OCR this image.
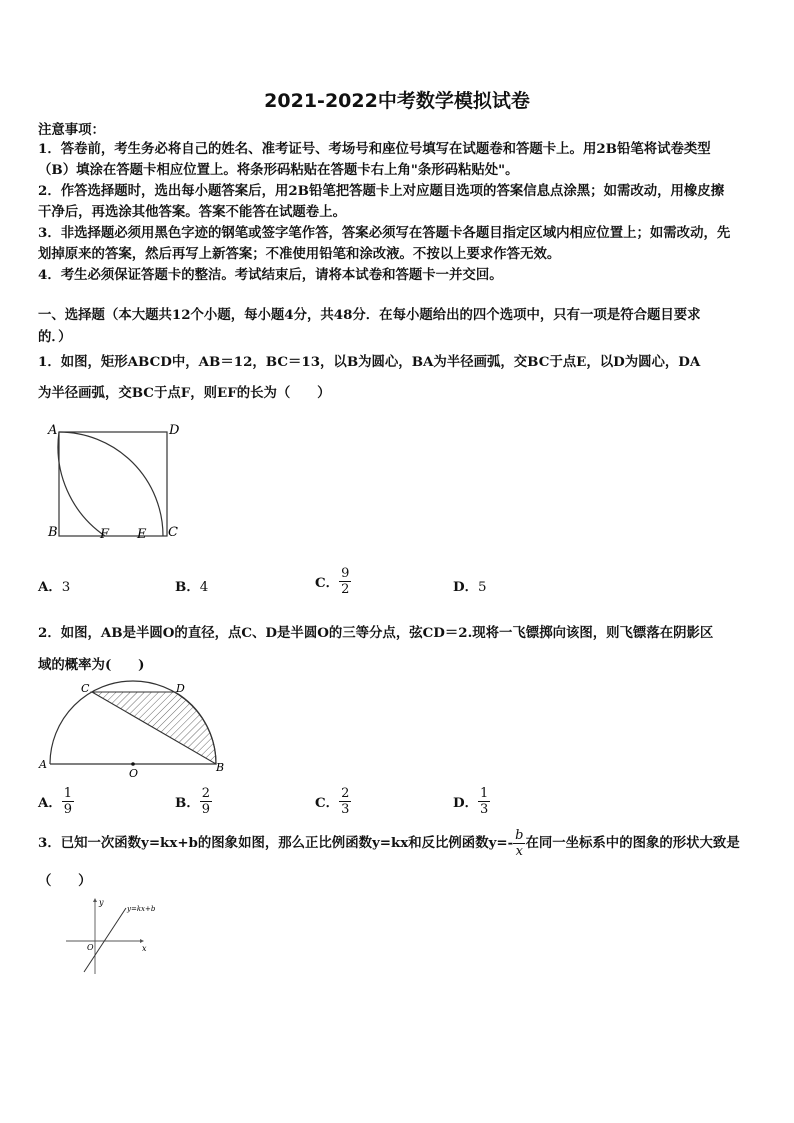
2021-2022中考数学模拟试卷
注意事项：
1．答卷前，考生务必将自己的姓名、准考证号、考场号和座位号填写在试题卷和答题卡上。用2B铅笔将试卷类型
（B）填涂在答题卡相应位置上。将条形码粘贴在答题卡右上角"条形码粘贴处"。
2．作答选择题时，选出每小题答案后，用2B铅笔把答题卡上对应题目选项的答案信息点涂黑；如需改动，用橡皮擦
干净后，再选涂其他答案。答案不能答在试题卷上。
3．非选择题必须用黑色字迹的钢笔或签字笔作答，答案必须写在答题卡各题目指定区域内相应位置上；如需改动，先
划掉原来的答案，然后再写上新答案；不准使用铅笔和涂改液。不按以上要求作答无效。
4．考生必须保证答题卡的整洁。考试结束后，请将本试卷和答题卡一并交回。
一、选择题（本大题共12个小题，每小题4分，共48分．在每小题给出的四个选项中，只有一项是符合题目要求
的．）
1．如图，矩形ABCD中，AB＝12，BC＝13，以B为圆心，BA为半径画弧，交BC于点E，以D为圆心，DA
为半径画弧，交BC于点F，则EF的长为（　　）
A	D
B	C
F E
A．3	B．4	C． $\frac{9}{2}$	D．5
2．如图，AB是半圆O的直径，点C、D是半圆O的三等分点，弦CD＝2.现将一飞镖掷向该图，则飞镖落在阴影区
域的概率为(　　)
A	B
C	D
O
A． $\frac{1}{9}$	B． $\frac{2}{9}$	C． $\frac{2}{3}$	D． $\frac{1}{3}$
3．已知一次函数y=kx+b的图象如图，那么正比例函数y=kx和反比例函数$y=- \frac{b}{x}$ 在同一坐标系中的图象的形状大致是
（　　）
y
x
O
y=kx+b
